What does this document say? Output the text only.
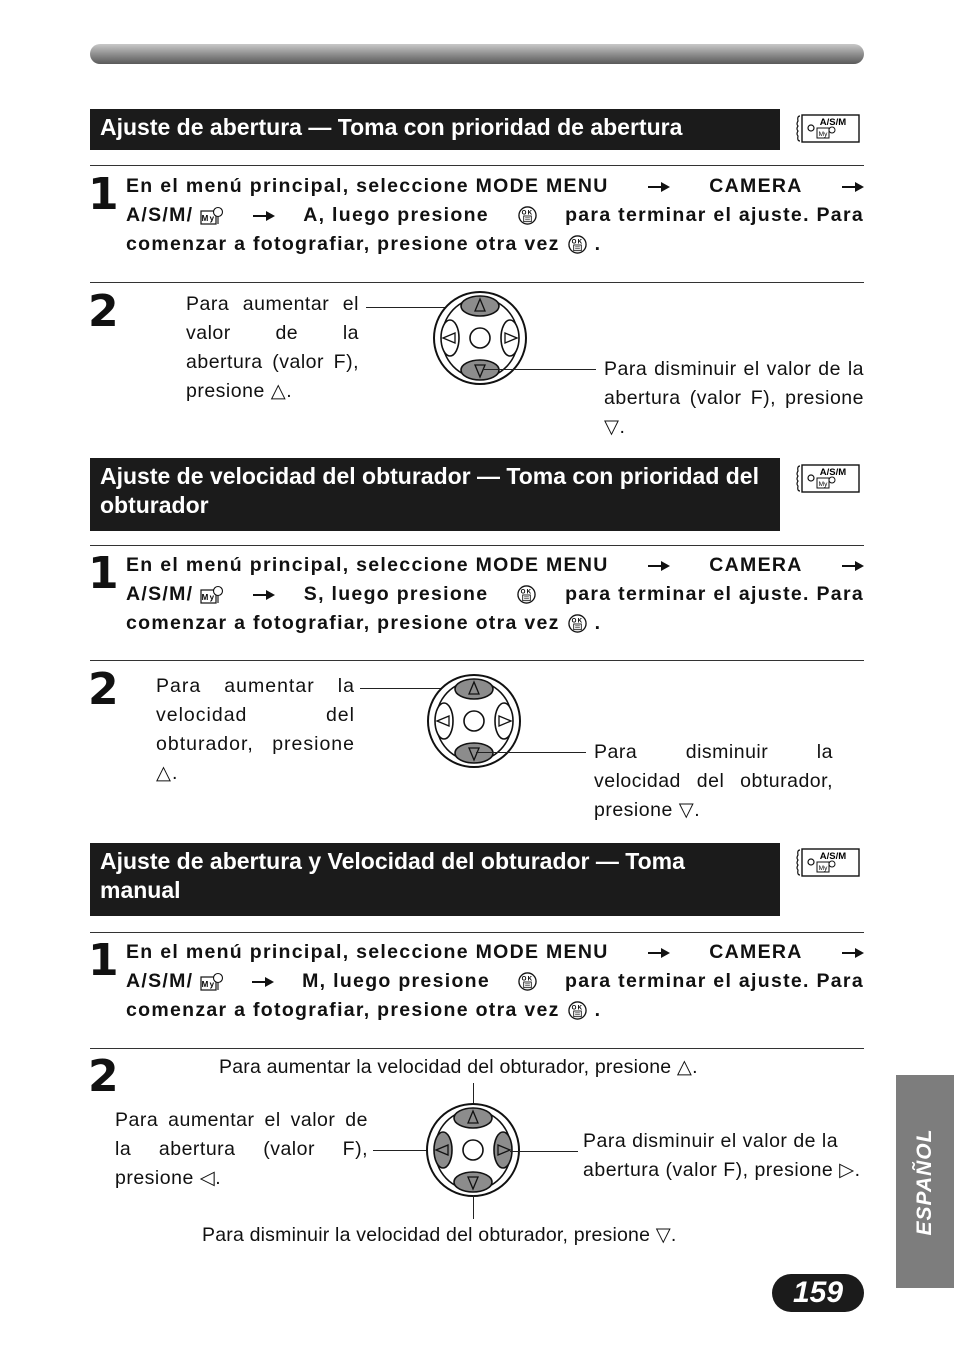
Ajuste de abertura — Toma con prioridad de abertura
1 En el menú principal, seleccione MODE MENU	CAMERA
A/S/M/	A, luego presione	para terminar el ajuste. Para
comenzar a fotografiar, presione otra vez .
2	Para aumentar el valor de la abertura (valor F), presione △.
Para disminuir el valor de la abertura (valor F), presione ▽.
Ajuste de velocidad del obturador — Toma con prioridad del obturador
1 En el menú principal, seleccione MODE MENU	CAMERA
A/S/M/	S, luego presione	para terminar el ajuste. Para
comenzar a fotografiar, presione otra vez .
2 Para aumentar la velocidad del obturador, presione △.
Para disminuir la velocidad del obturador, presione ▽.
Ajuste de abertura y Velocidad del obturador — Toma manual
1 En el menú principal, seleccione MODE MENU	CAMERA
A/S/M/	M, luego presione	para terminar el ajuste. Para
comenzar a fotografiar, presione otra vez .
2	Para aumentar la velocidad del obturador, presione △.
Para aumentar el valor de la abertura (valor F), presione ◁.
Para disminuir el valor de la abertura (valor F), presione ▷.
Para disminuir la velocidad del obturador, presione ▽.
ESPAÑOL
159
